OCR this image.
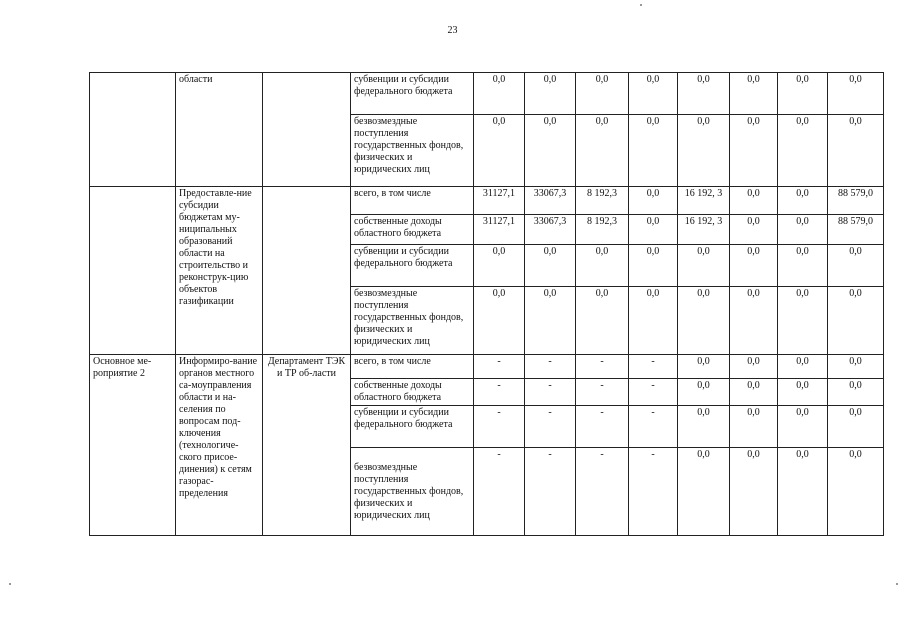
23
	области		субвенции и субсидии федерального бюджета	0,0	0,0	0,0	0,0	0,0	0,0	0,0	0,0
			безвозмездные поступления государственных фондов, физических и юридических лиц	0,0	0,0	0,0	0,0	0,0	0,0	0,0	0,0
	Предоставле-ние субсидии бюджетам му-ниципальных образований области на строительство и реконструк-цию объектов газификации		всего, в том числе	31127,1	33067,3	8 192,3	0,0	16 192, 3	0,0	0,0	88 579,0
			собственные доходы областного бюджета	31127,1	33067,3	8 192,3	0,0	16 192, 3	0,0	0,0	88 579,0
			субвенции и субсидии федерального бюджета	0,0	0,0	0,0	0,0	0,0	0,0	0,0	0,0
			безвозмездные поступления государственных фондов, физических и юридических лиц	0,0	0,0	0,0	0,0	0,0	0,0	0,0	0,0
Основное ме-роприятие 2	Информиро-вание органов местного са-моуправления области и на-селения по вопросам под-ключения (технологиче-ского присое-динения) к сетям газорас-пределения	Департамент ТЭК и ТР об-ласти	всего, в том числе	-	-	-	-	0,0	0,0	0,0	0,0
			собственные доходы областного бюджета	-	-	-	-	0,0	0,0	0,0	0,0
			субвенции и субсидии федерального бюджета	-	-	-	-	0,0	0,0	0,0	0,0
			безвозмездные поступления государственных фондов, физических и юридических лиц	-	-	-	-	0,0	0,0	0,0	0,0
